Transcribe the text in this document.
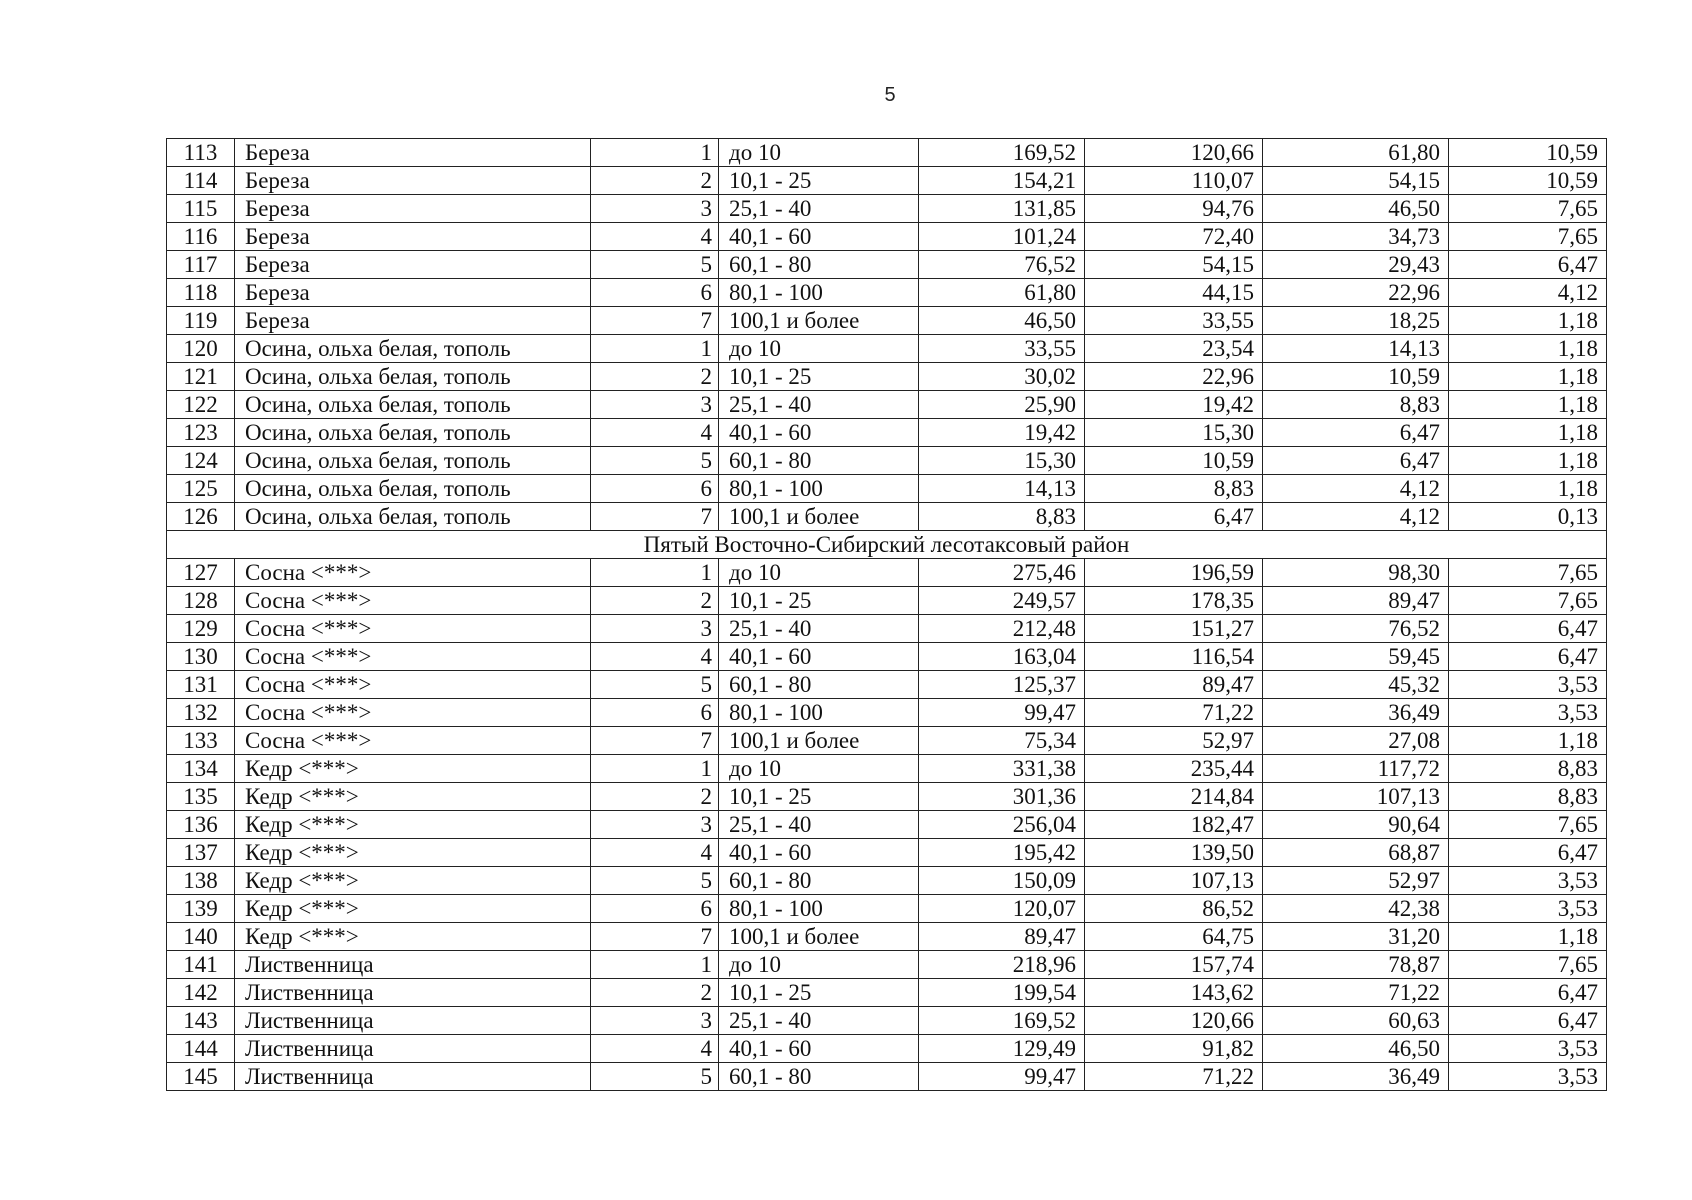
5
113	Береза	1	до 10	169,52	120,66	61,80	10,59
114	Береза	2	10,1 - 25	154,21	110,07	54,15	10,59
115	Береза	3	25,1 - 40	131,85	94,76	46,50	7,65
116	Береза	4	40,1 - 60	101,24	72,40	34,73	7,65
117	Береза	5	60,1 - 80	76,52	54,15	29,43	6,47
118	Береза	6	80,1 - 100	61,80	44,15	22,96	4,12
119	Береза	7	100,1 и более	46,50	33,55	18,25	1,18
120	Осина, ольха белая, тополь	1	до 10	33,55	23,54	14,13	1,18
121	Осина, ольха белая, тополь	2	10,1 - 25	30,02	22,96	10,59	1,18
122	Осина, ольха белая, тополь	3	25,1 - 40	25,90	19,42	8,83	1,18
123	Осина, ольха белая, тополь	4	40,1 - 60	19,42	15,30	6,47	1,18
124	Осина, ольха белая, тополь	5	60,1 - 80	15,30	10,59	6,47	1,18
125	Осина, ольха белая, тополь	6	80,1 - 100	14,13	8,83	4,12	1,18
126	Осина, ольха белая, тополь	7	100,1 и более	8,83	6,47	4,12	0,13
Пятый Восточно-Сибирский лесотаксовый район							
127	Сосна <***>	1	до 10	275,46	196,59	98,30	7,65
128	Сосна <***>	2	10,1 - 25	249,57	178,35	89,47	7,65
129	Сосна <***>	3	25,1 - 40	212,48	151,27	76,52	6,47
130	Сосна <***>	4	40,1 - 60	163,04	116,54	59,45	6,47
131	Сосна <***>	5	60,1 - 80	125,37	89,47	45,32	3,53
132	Сосна <***>	6	80,1 - 100	99,47	71,22	36,49	3,53
133	Сосна <***>	7	100,1 и более	75,34	52,97	27,08	1,18
134	Кедр <***>	1	до 10	331,38	235,44	117,72	8,83
135	Кедр <***>	2	10,1 - 25	301,36	214,84	107,13	8,83
136	Кедр <***>	3	25,1 - 40	256,04	182,47	90,64	7,65
137	Кедр <***>	4	40,1 - 60	195,42	139,50	68,87	6,47
138	Кедр <***>	5	60,1 - 80	150,09	107,13	52,97	3,53
139	Кедр <***>	6	80,1 - 100	120,07	86,52	42,38	3,53
140	Кедр <***>	7	100,1 и более	89,47	64,75	31,20	1,18
141	Лиственница	1	до 10	218,96	157,74	78,87	7,65
142	Лиственница	2	10,1 - 25	199,54	143,62	71,22	6,47
143	Лиственница	3	25,1 - 40	169,52	120,66	60,63	6,47
144	Лиственница	4	40,1 - 60	129,49	91,82	46,50	3,53
145	Лиственница	5	60,1 - 80	99,47	71,22	36,49	3,53
